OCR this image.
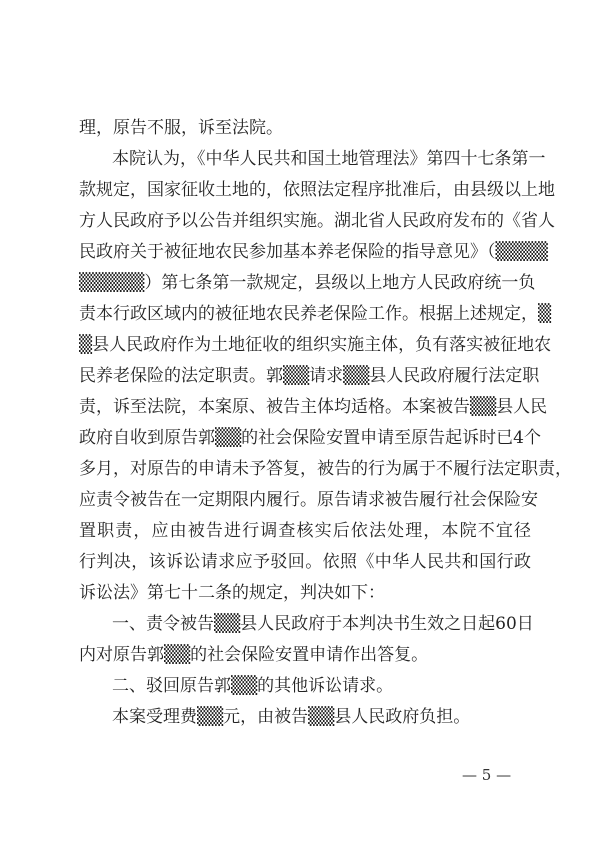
理，原告不服，诉至法院。
本院认为，《中华人民共和国土地管理法》第四十七条第一
款规定，国家征收土地的，依照法定程序批准后，由县级以上地
方人民政府予以公告并组织实施。湖北省人民政府发布的《省人
民政府关于被征地农民参加基本养老保险的指导意见》（▒▒▒▒
▒▒▒▒▒）第七条第一款规定，县级以上地方人民政府统一负
责本行政区域内的被征地农民养老保险工作。根据上述规定，▒
▒县人民政府作为土地征收的组织实施主体，负有落实被征地农
民养老保险的法定职责。郭▒▒请求▒▒县人民政府履行法定职
责，诉至法院，本案原、被告主体均适格。本案被告▒▒县人民
政府自收到原告郭▒▒的社会保险安置申请至原告起诉时已4个
多月，对原告的申请未予答复，被告的行为属于不履行法定职责，
应责令被告在一定期限内履行。原告请求被告履行社会保险安
置职责，应由被告进行调查核实后依法处理，本院不宜径
行判决，该诉讼请求应予驳回。依照《中华人民共和国行政
诉讼法》第七十二条的规定，判决如下：
一、责令被告▒▒县人民政府于本判决书生效之日起60日
内对原告郭▒▒的社会保险安置申请作出答复。
二、驳回原告郭▒▒的其他诉讼请求。
本案受理费▒▒元，由被告▒▒县人民政府负担。
— 5 —
